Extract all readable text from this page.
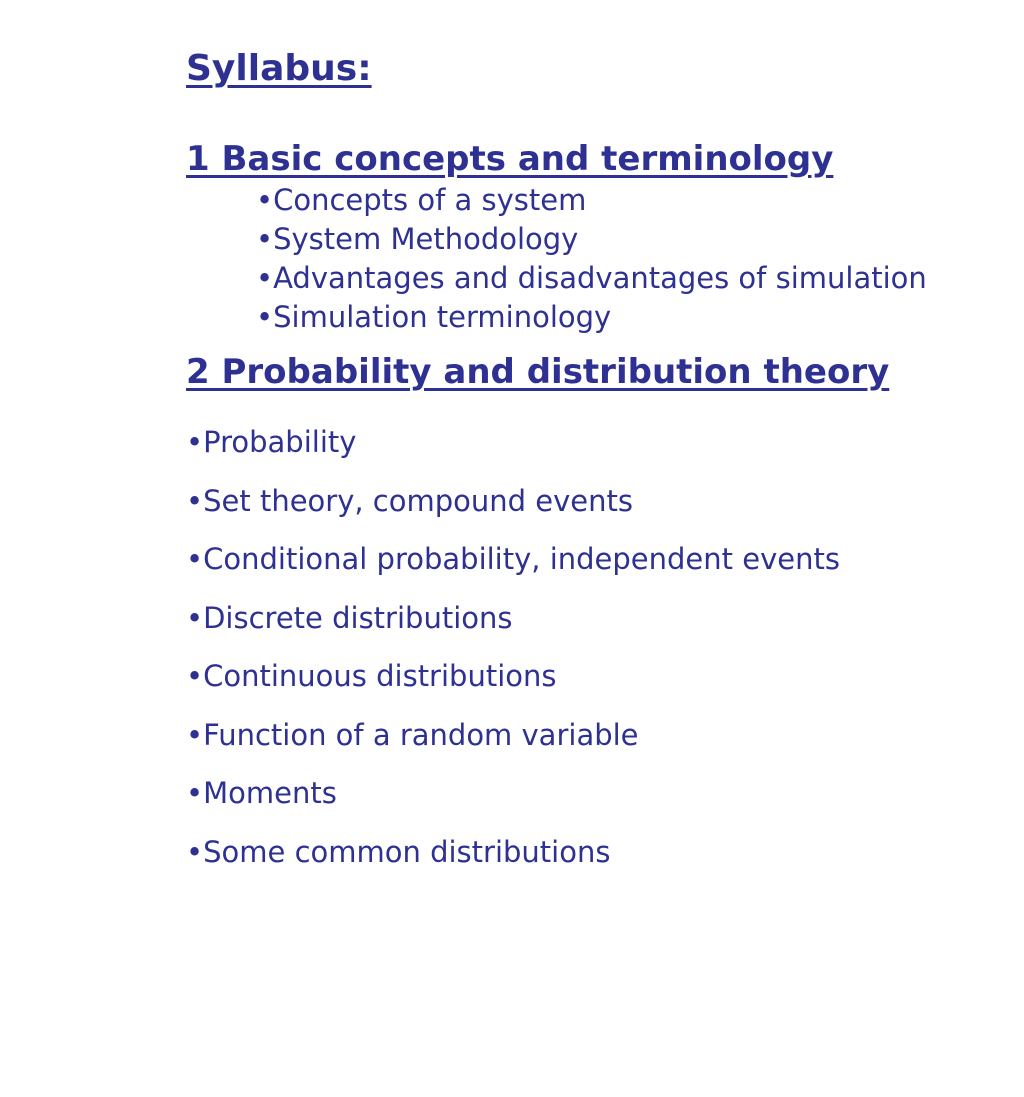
Syllabus:
1 Basic concepts and terminology
•Concepts of a system
•System Methodology
•Advantages and disadvantages of simulation
•Simulation terminology
2 Probability and distribution theory
•Probability
•Set theory, compound events
•Conditional probability, independent events
•Discrete distributions
•Continuous distributions
•Function of a random variable
•Moments
•Some common distributions
